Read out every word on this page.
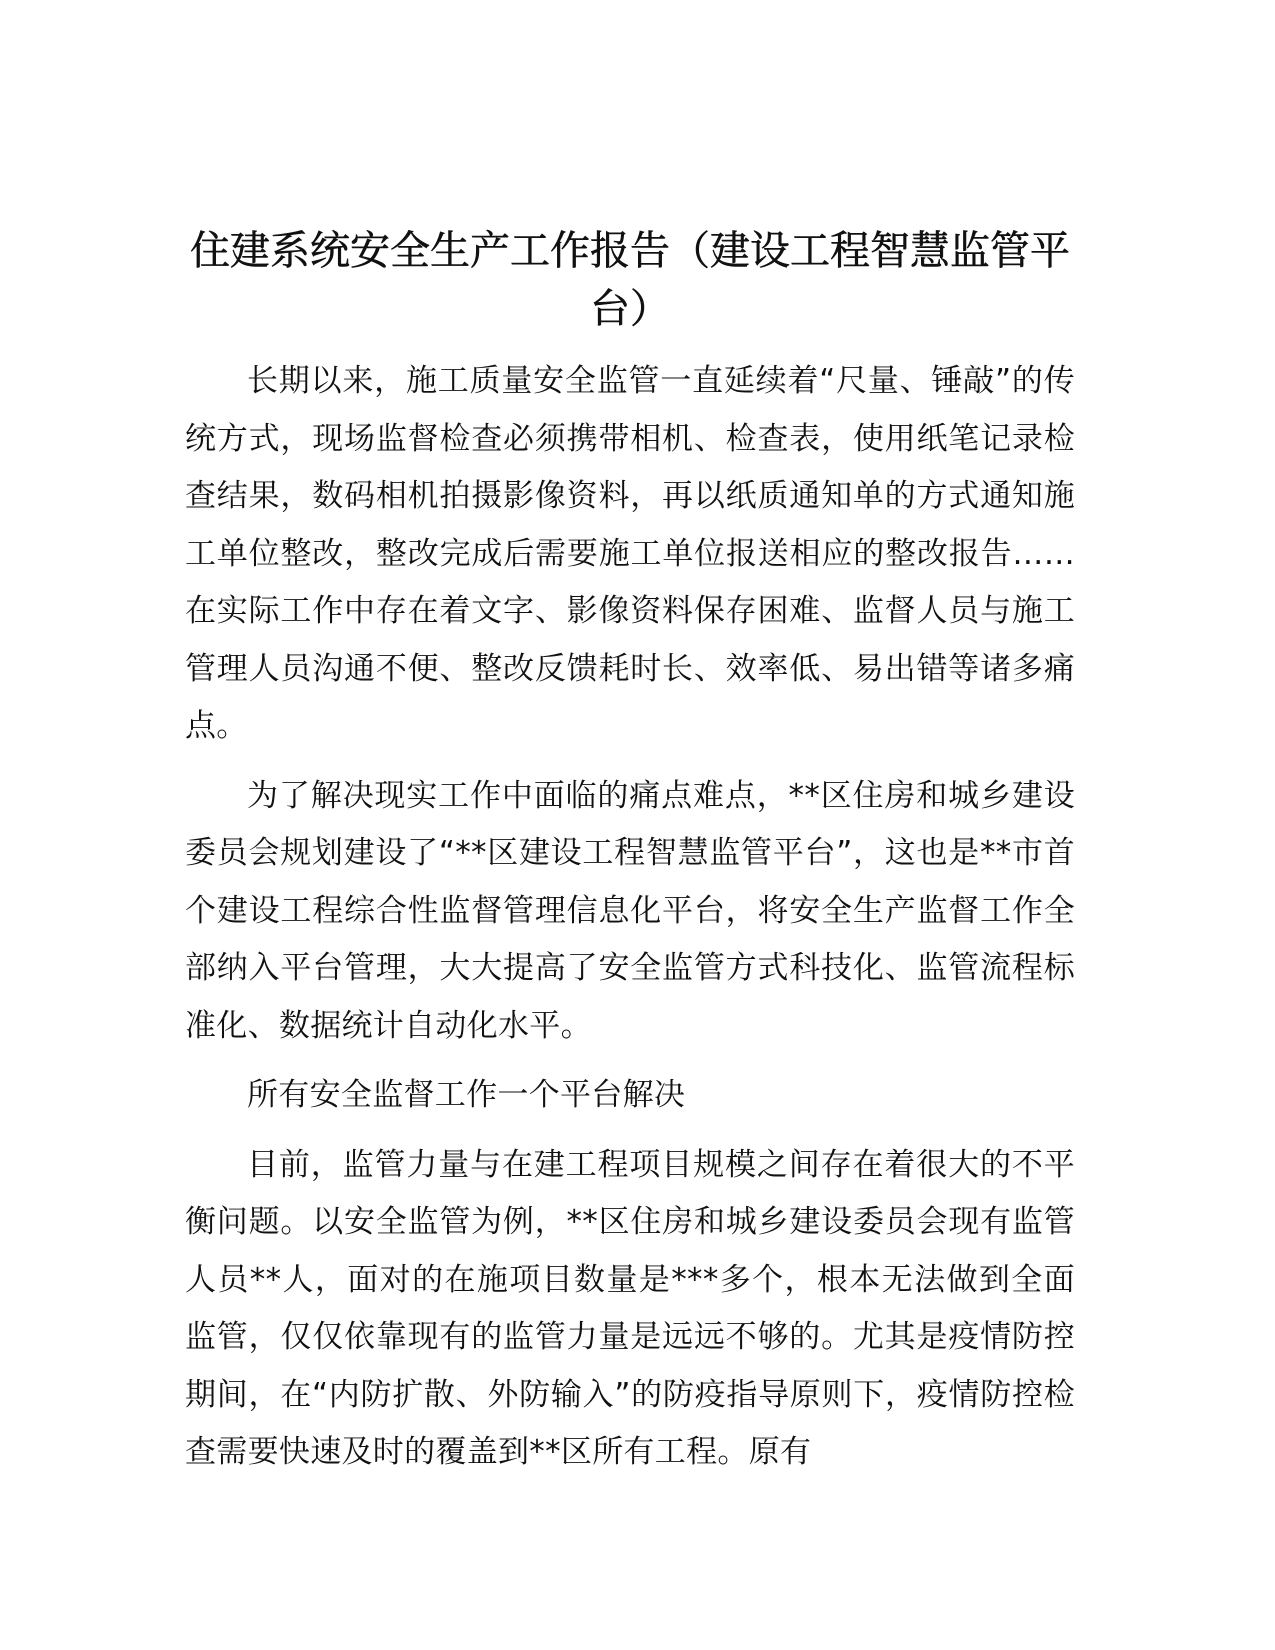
住建系统安全生产工作报告（建设工程智慧监管平台）

长期以来，施工质量安全监管一直延续着“尺量、锤敲”的传统方式，现场监督检查必须携带相机、检查表，使用纸笔记录检查结果，数码相机拍摄影像资料，再以纸质通知单的方式通知施工单位整改，整改完成后需要施工单位报送相应的整改报告……在实际工作中存在着文字、影像资料保存困难、监督人员与施工管理人员沟通不便、整改反馈耗时长、效率低、易出错等诸多痛点。

为了解决现实工作中面临的痛点难点，**区住房和城乡建设委员会规划建设了“**区建设工程智慧监管平台”，这也是**市首个建设工程综合性监督管理信息化平台，将安全生产监督工作全部纳入平台管理，大大提高了安全监管方式科技化、监管流程标准化、数据统计自动化水平。

所有安全监督工作一个平台解决

目前，监管力量与在建工程项目规模之间存在着很大的不平衡问题。以安全监管为例，**区住房和城乡建设委员会现有监管人员**人，面对的在施项目数量是***多个，根本无法做到全面监管，仅仅依靠现有的监管力量是远远不够的。尤其是疫情防控期间，在“内防扩散、外防输入”的防疫指导原则下，疫情防控检查需要快速及时的覆盖到**区所有工程。原有
